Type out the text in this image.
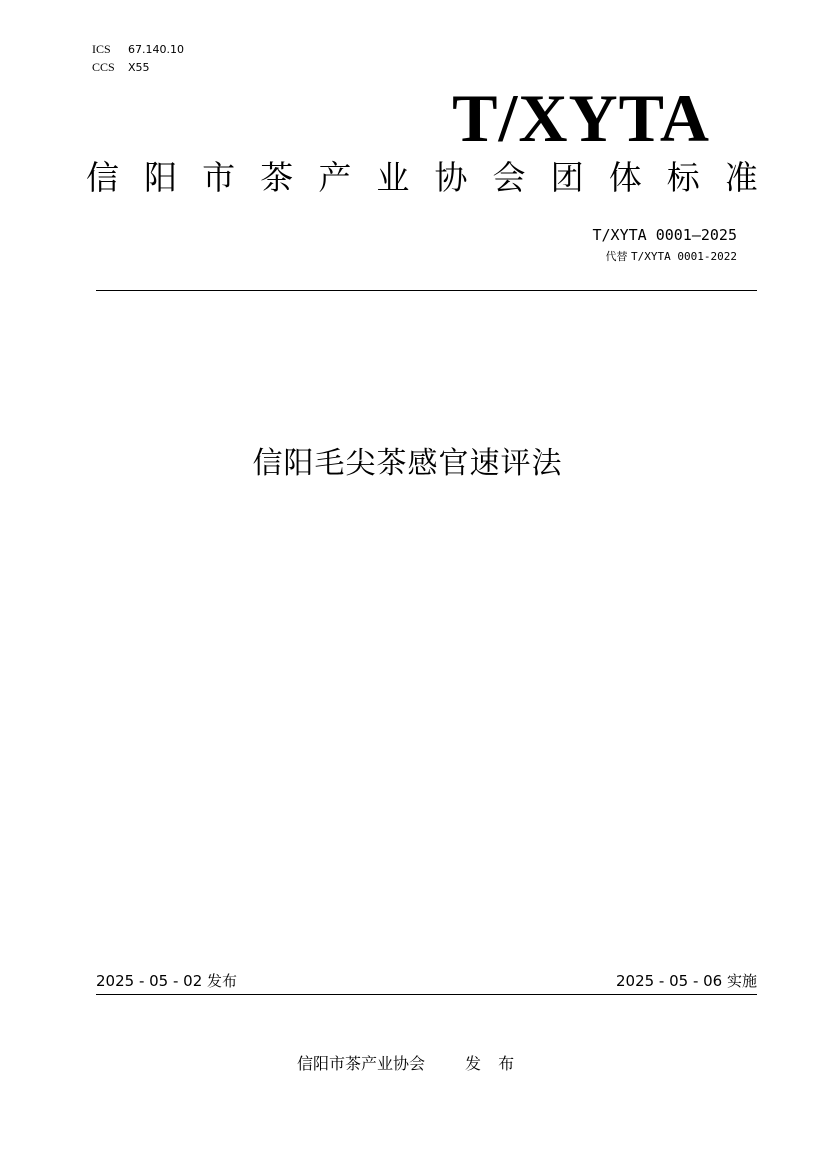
ICS 67.140.10
CCS X55
T/XYTA
信 阳 市 茶 产 业 协 会 团 体 标 准
T/XYTA 0001—2025
代替 T/XYTA 0001-2022
信阳毛尖茶感官速评法
2025 - 05 - 02 发布	2025 - 05 - 06 实施
信阳市茶产业协会	发 布
